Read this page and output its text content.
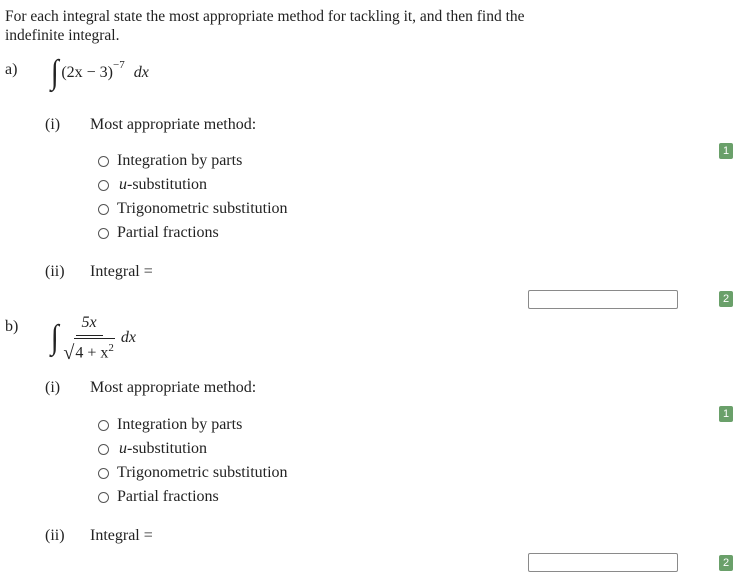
For each integral state the most appropriate method for tackling it, and then find the indefinite integral.
a) ∫ $(2x - 3)^{-7}$ dx
(i) Most appropriate method:
1
Integration by parts
u -substitution
Trigonometric substitution
Partial fractions
(ii) Integral =
2
b) ∫ $\frac{5x}{√ 4 + x^2}$ dx
(i) Most appropriate method:
1
Integration by parts
u -substitution
Trigonometric substitution
Partial fractions
(ii) Integral =
2
